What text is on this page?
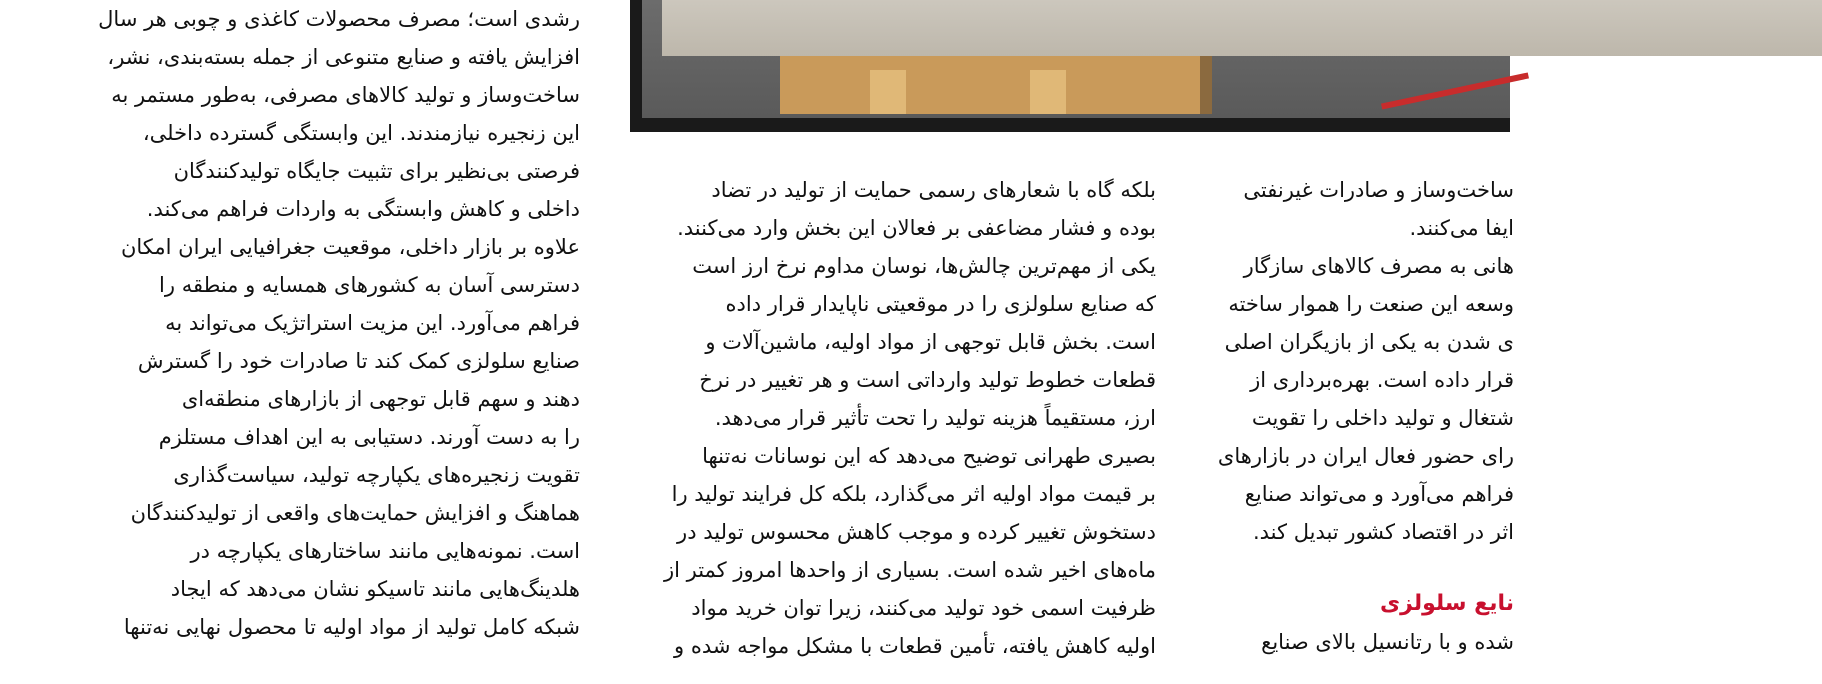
رشدی است؛ مصرف محصولات کاغذی و چوبی هر سال
افزایش یافته و صنایع متنوعی از جمله بسته‌بندی، نشر،
ساخت‌وساز و تولید کالاهای مصرفی، به‌طور مستمر به
این زنجیره نیازمندند. این وابستگی گسترده داخلی،
فرصتی بی‌نظیر برای تثبیت جایگاه تولیدکنندگان
داخلی و کاهش وابستگی به واردات فراهم می‌کند.
علاوه بر بازار داخلی، موقعیت جغرافیایی ایران امکان
دسترسی آسان به کشورهای همسایه و منطقه را
فراهم می‌آورد. این مزیت استراتژیک می‌تواند به
صنایع سلولزی کمک کند تا صادرات خود را گسترش
دهند و سهم قابل توجهی از بازارهای منطقه‌ای
را به دست آورند. دستیابی به این اهداف مستلزم
تقویت زنجیره‌های یکپارچه تولید، سیاست‌گذاری
هماهنگ و افزایش حمایت‌های واقعی از تولیدکنندگان
است. نمونه‌هایی مانند ساختارهای یکپارچه در
هلدینگ‌هایی مانند تاسیکو نشان می‌دهد که ایجاد
شبکه کامل تولید از مواد اولیه تا محصول نهایی نه‌تنها
بلکه گاه با شعارهای رسمی حمایت از تولید در تضاد
بوده و فشار مضاعفی بر فعالان این بخش وارد می‌کنند.
یکی از مهم‌ترین چالش‌ها، نوسان مداوم نرخ ارز است
که صنایع سلولزی را در موقعیتی ناپایدار قرار داده
است. بخش قابل توجهی از مواد اولیه، ماشین‌آلات و
قطعات خطوط تولید وارداتی است و هر تغییر در نرخ
ارز، مستقیماً هزینه تولید را تحت تأثیر قرار می‌دهد.
بصیری طهرانی توضیح می‌دهد که این نوسانات نه‌تنها
بر قیمت مواد اولیه اثر می‌گذارد، بلکه کل فرایند تولید را
دستخوش تغییر کرده و موجب کاهش محسوس تولید در
ماه‌های اخیر شده است. بسیاری از واحدها امروز کمتر از
ظرفیت اسمی خود تولید می‌کنند، زیرا توان خرید مواد
اولیه کاهش یافته، تأمین قطعات با مشکل مواجه شده و
ساخت‌وساز و صادرات غیرنفتی
ایفا می‌کنند.
هانی به مصرف کالاهای سازگار
وسعه این صنعت را هموار ساخته
ی شدن به یکی از بازیگران اصلی
قرار داده است. بهره‌برداری از
شتغال و تولید داخلی را تقویت
رای حضور فعال ایران در بازارهای
فراهم می‌آورد و می‌تواند صنایع
اثر در اقتصاد کشور تبدیل کند.
نایع سلولزی
شده و با رتانسیل بالای صنایع
